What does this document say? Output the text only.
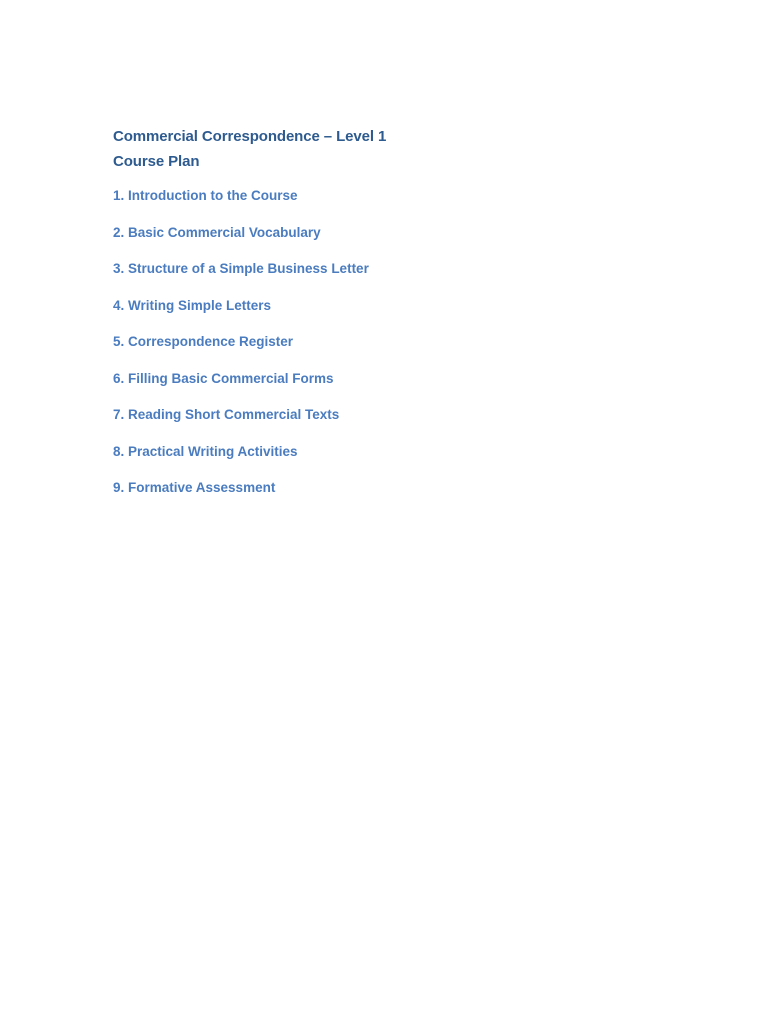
Commercial Correspondence – Level 1
Course Plan
1. Introduction to the Course
2. Basic Commercial Vocabulary
3. Structure of a Simple Business Letter
4. Writing Simple Letters
5. Correspondence Register
6. Filling Basic Commercial Forms
7. Reading Short Commercial Texts
8. Practical Writing Activities
9. Formative Assessment
